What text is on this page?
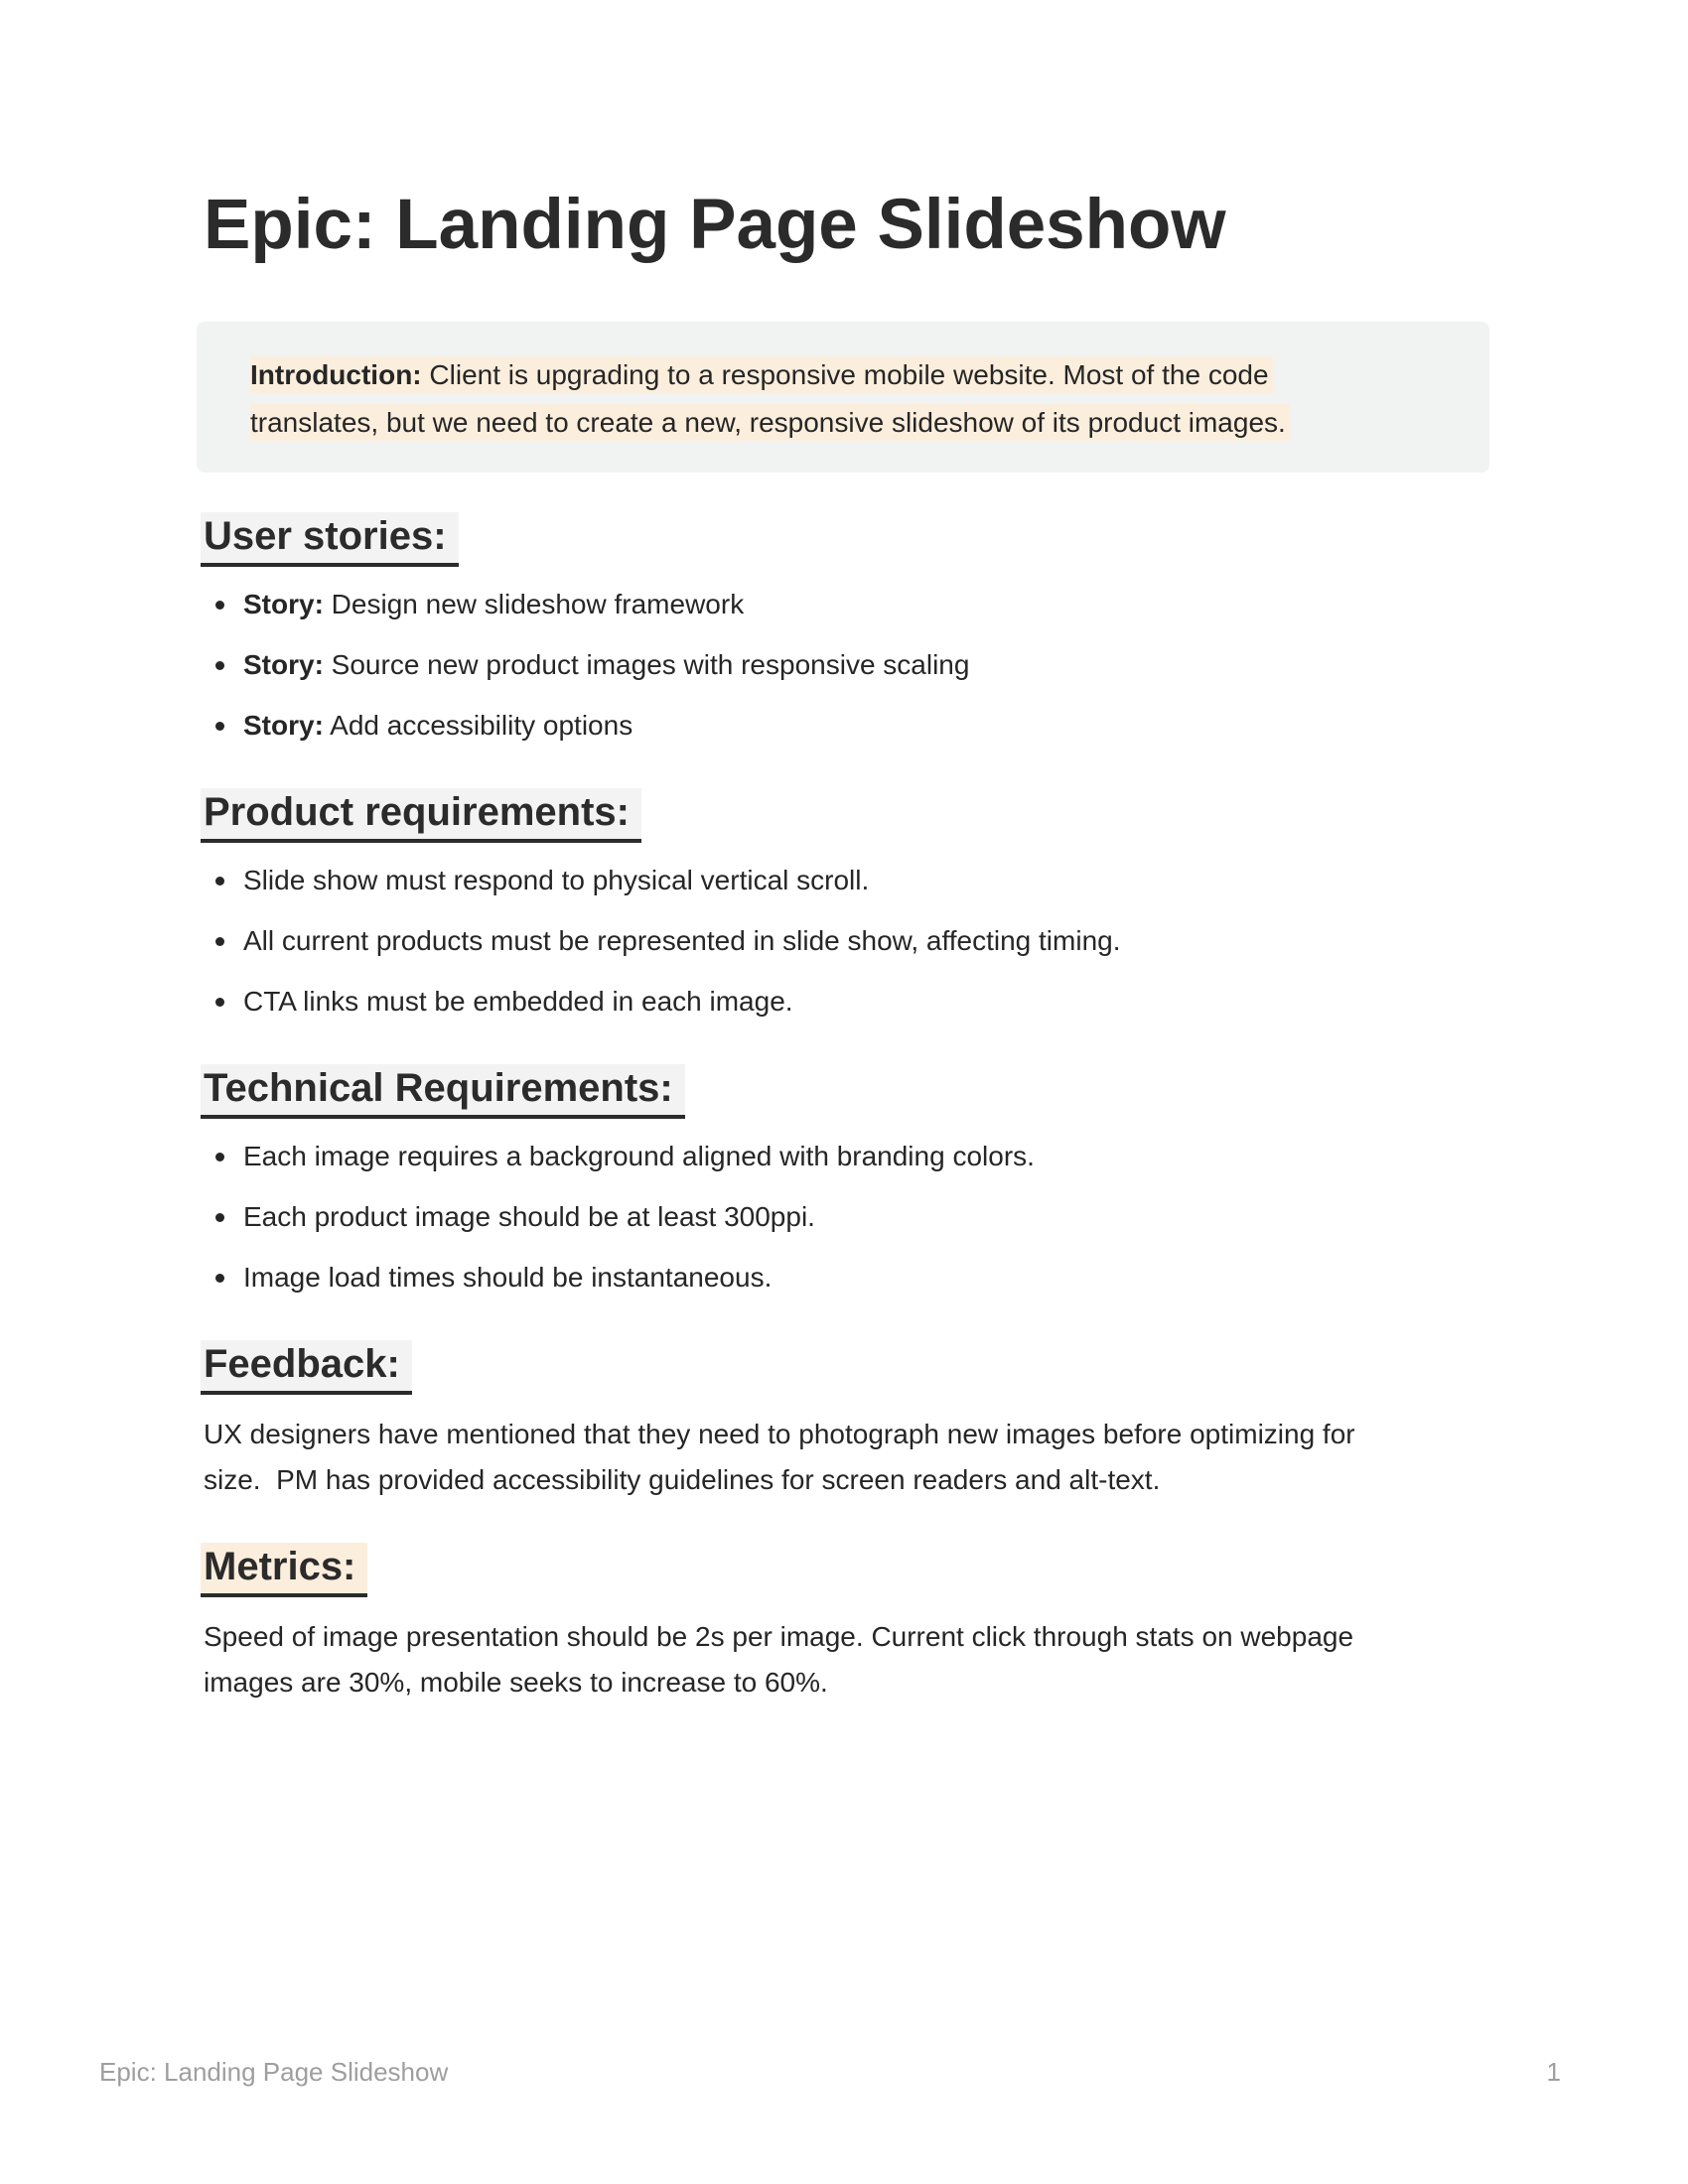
Epic: Landing Page Slideshow
Introduction: Client is upgrading to a responsive mobile website. Most of the code translates, but we need to create a new, responsive slideshow of its product images.
User stories:
Story: Design new slideshow framework
Story: Source new product images with responsive scaling
Story: Add accessibility options
Product requirements:
Slide show must respond to physical vertical scroll.
All current products must be represented in slide show, affecting timing.
CTA links must be embedded in each image.
Technical Requirements:
Each image requires a background aligned with branding colors.
Each product image should be at least 300ppi.
Image load times should be instantaneous.
Feedback:

UX designers have mentioned that they need to photograph new images before optimizing for size.  PM has provided accessibility guidelines for screen readers and alt-text.

Metrics:

Speed of image presentation should be 2s per image. Current click through stats on webpage images are 30%, mobile seeks to increase to 60%.

Epic: Landing Page Slideshow	1
